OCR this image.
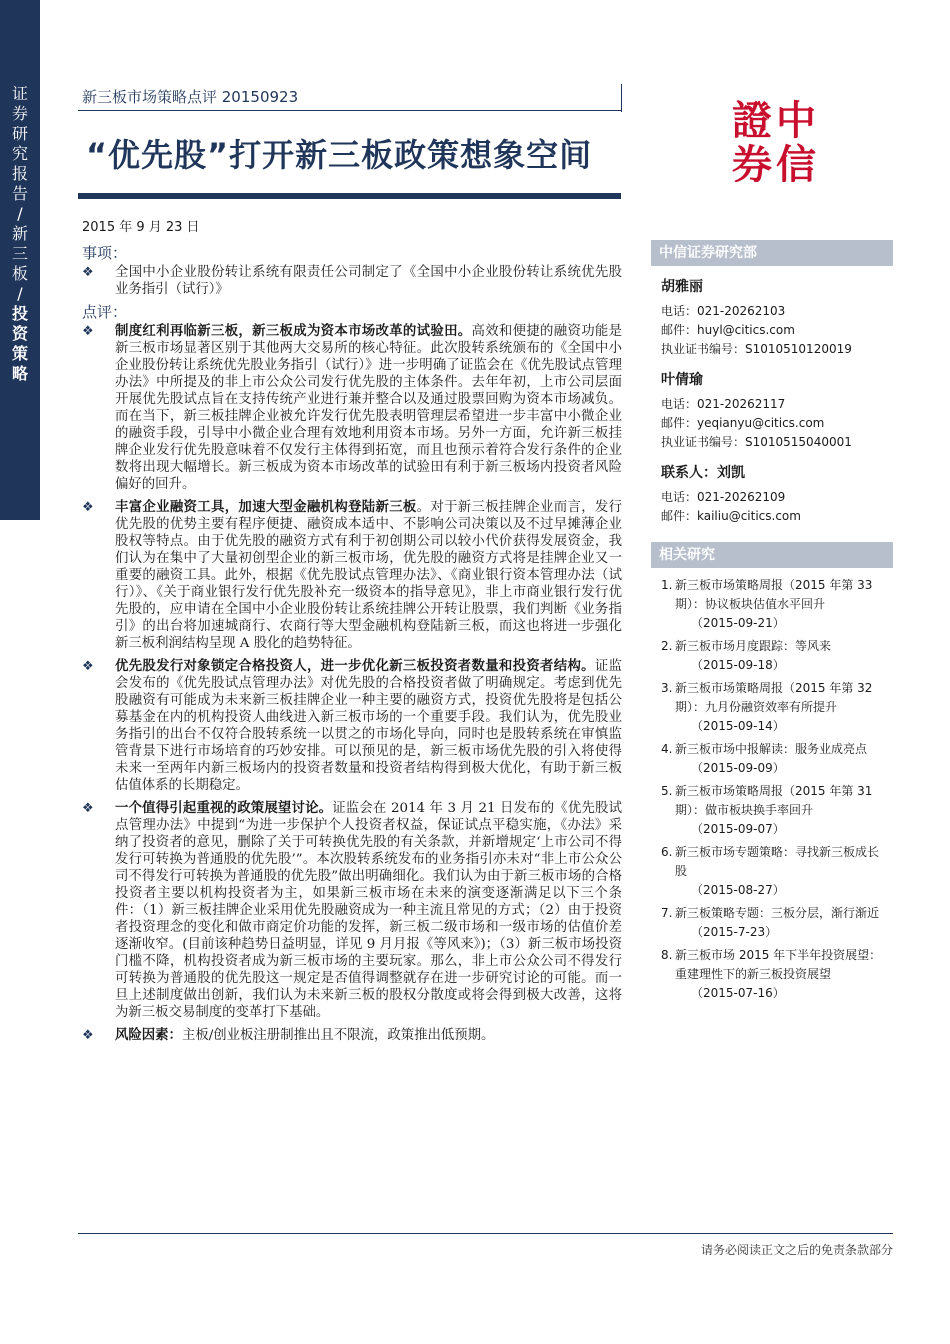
证券研究报告
/
新三板
/
投资策略
新三板市场策略点评 20150923
“优先股”打开新三板政策想象空间
2015 年 9 月 23 日
中
信
證
券
事项：
❖ 全国中小企业股份转让系统有限责任公司制定了《全国中小企业股份转让系统优先股业务指引（试行）》
点评：
❖ 制度红利再临新三板，新三板成为资本市场改革的试验田。高效和便捷的融资功能是新三板市场显著区别于其他两大交易所的核心特征。此次股转系统颁布的《全国中小企业股份转让系统优先股业务指引（试行）》进一步明确了证监会在《优先股试点管理办法》中所提及的非上市公众公司发行优先股的主体条件。去年年初，上市公司层面开展优先股试点旨在支持传统产业进行兼并整合以及通过股票回购为资本市场减负。而在当下，新三板挂牌企业被允许发行优先股表明管理层希望进一步丰富中小微企业的融资手段，引导中小微企业合理有效地利用资本市场。另外一方面，允许新三板挂牌企业发行优先股意味着不仅发行主体得到拓宽，而且也预示着符合发行条件的企业数将出现大幅增长。新三板成为资本市场改革的试验田有利于新三板场内投资者风险偏好的回升。
❖ 丰富企业融资工具，加速大型金融机构登陆新三板。对于新三板挂牌企业而言，发行优先股的优势主要有程序便捷、融资成本适中、不影响公司决策以及不过早摊薄企业股权等特点。由于优先股的融资方式有利于初创期公司以较小代价获得发展资金，我们认为在集中了大量初创型企业的新三板市场，优先股的融资方式将是挂牌企业又一重要的融资工具。此外，根据《优先股试点管理办法》、《商业银行资本管理办法（试行）》、《关于商业银行发行优先股补充一级资本的指导意见》，非上市商业银行发行优先股的，应申请在全国中小企业股份转让系统挂牌公开转让股票，我们判断《业务指引》的出台将加速城商行、农商行等大型金融机构登陆新三板，而这也将进一步强化新三板利润结构呈现 A 股化的趋势特征。
❖ 优先股发行对象锁定合格投资人，进一步优化新三板投资者数量和投资者结构。证监会发布的《优先股试点管理办法》对优先股的合格投资者做了明确规定。考虑到优先股融资有可能成为未来新三板挂牌企业一种主要的融资方式，投资优先股将是包括公募基金在内的机构投资人曲线进入新三板市场的一个重要手段。我们认为，优先股业务指引的出台不仅符合股转系统一以贯之的市场化导向，同时也是股转系统在审慎监管背景下进行市场培育的巧妙安排。可以预见的是，新三板市场优先股的引入将使得未来一至两年内新三板场内的投资者数量和投资者结构得到极大优化，有助于新三板估值体系的长期稳定。
❖ 一个值得引起重视的政策展望讨论。证监会在 2014 年 3 月 21 日发布的《优先股试点管理办法》中提到“为进一步保护个人投资者权益，保证试点平稳实施，《办法》采纳了投资者的意见，删除了关于可转换优先股的有关条款，并新增规定‘上市公司不得发行可转换为普通股的优先股’”。本次股转系统发布的业务指引亦未对“非上市公众公司不得发行可转换为普通股的优先股”做出明确细化。我们认为由于新三板市场的合格投资者主要以机构投资者为主，如果新三板市场在未来的演变逐渐满足以下三个条件：（1）新三板挂牌企业采用优先股融资成为一种主流且常见的方式；（2）由于投资者投资理念的变化和做市商定价功能的发挥，新三板二级市场和一级市场的估值价差逐渐收窄。(目前该种趋势日益明显，详见 9 月月报《等风来》)；（3）新三板市场投资门槛不降，机构投资者成为新三板市场的主要玩家。那么，非上市公众公司不得发行可转换为普通股的优先股这一规定是否值得调整就存在进一步研究讨论的可能。而一旦上述制度做出创新，我们认为未来新三板的股权分散度或将会得到极大改善，这将为新三板交易制度的变革打下基础。
❖ 风险因素：主板/创业板注册制推出且不限流，政策推出低预期。
中信证券研究部
胡雅丽
电话：021-20262103
邮件：huyl@citics.com
执业证书编号：S1010510120019
叶倩瑜
电话：021-20262117
邮件：yeqianyu@citics.com
执业证书编号：S1010515040001
联系人：刘凯
电话：021-20262109
邮件：kailiu@citics.com
相关研究
1. 新三板市场策略周报（2015 年第 33 期）：协议板块估值水平回升
（2015-09-21）
2. 新三板市场月度跟踪：等风来
（2015-09-18）
3. 新三板市场策略周报（2015 年第 32 期）：九月份融资效率有所提升
（2015-09-14）
4. 新三板市场中报解读：服务业成亮点
（2015-09-09）
5. 新三板市场策略周报（2015 年第 31 期）：做市板块换手率回升
（2015-09-07）
6. 新三板市场专题策略：寻找新三板成长股
（2015-08-27）
7. 新三板策略专题：三板分层，渐行渐近
（2015-7-23）
8. 新三板市场 2015 年下半年投资展望：重建理性下的新三板投资展望
（2015-07-16）
请务必阅读正文之后的免责条款部分
